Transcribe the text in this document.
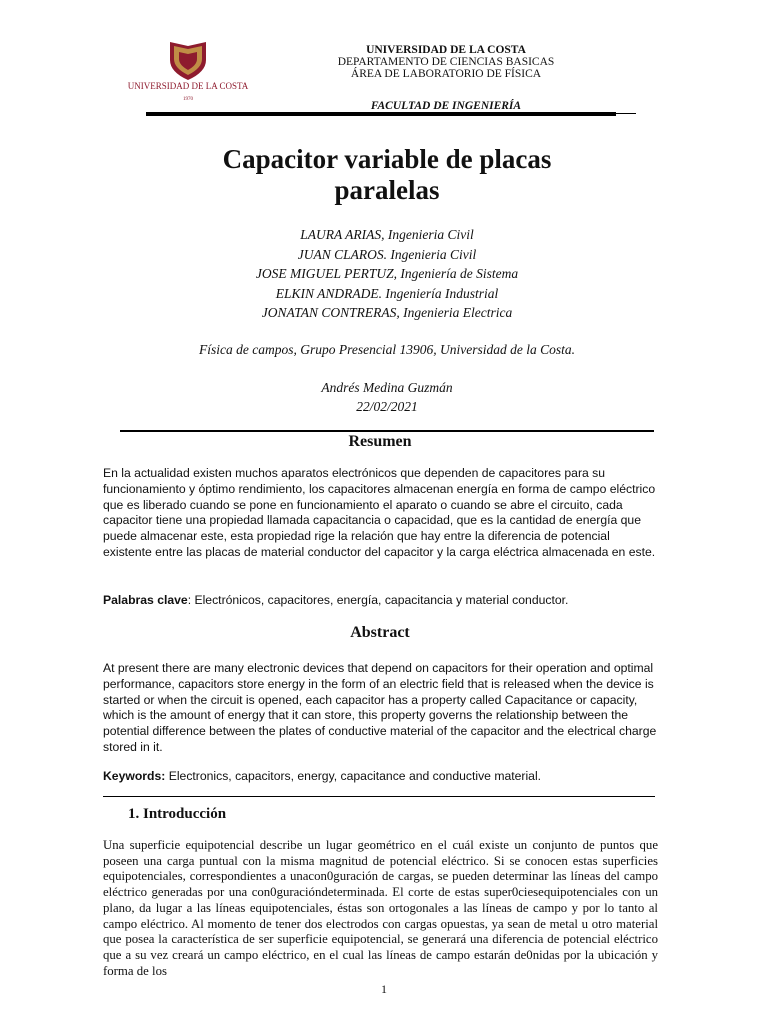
UNIVERSIDAD DE LA COSTA
1970
UNIVERSIDAD DE LA COSTA
DEPARTAMENTO DE CIENCIAS BASICAS
ÁREA DE LABORATORIO DE FÍSICA
FACULTAD DE INGENIERÍA
Capacitor variable de placas
paralelas
LAURA ARIAS, Ingenieria Civil
JUAN CLAROS. Ingenieria Civil
JOSE MIGUEL PERTUZ, Ingeniería de Sistema
ELKIN ANDRADE. Ingeniería Industrial
JONATAN CONTRERAS, Ingenieria Electrica
Física de campos, Grupo Presencial 13906, Universidad de la Costa.
Andrés Medina Guzmán
22/02/2021
Resumen
En la actualidad existen muchos aparatos electrónicos que dependen de capacitores para su funcionamiento y óptimo rendimiento, los capacitores almacenan energía en forma de campo eléctrico que es liberado cuando se pone en funcionamiento el aparato o cuando se abre el circuito, cada capacitor tiene una propiedad llamada capacitancia o capacidad, que es la cantidad de energía que puede almacenar este, esta propiedad rige la relación que hay entre la diferencia de potencial existente entre las placas de material conductor del capacitor y la carga eléctrica almacenada en este.
Palabras clave: Electrónicos, capacitores, energía, capacitancia y material conductor.
Abstract
At present there are many electronic devices that depend on capacitors for their operation and optimal performance, capacitors store energy in the form of an electric field that is released when the device is started or when the circuit is opened, each capacitor has a property called Capacitance or capacity, which is the amount of energy that it can store, this property governs the relationship between the potential difference between the plates of conductive material of the capacitor and the electrical charge stored in it.
Keywords: Electronics, capacitors, energy, capacitance and conductive material.
1. Introducción
Una superficie equipotencial describe un lugar geométrico en el cuál existe un conjunto de puntos que poseen una carga puntual con la misma magnitud de potencial eléctrico. Si se conocen estas superficies equipotenciales, correspondientes a unacon0guración de cargas, se pueden determinar las líneas del campo eléctrico generadas por una con0guracióndeterminada. El corte de estas super0ciesequipotenciales con un plano, da lugar a las líneas equipotenciales, éstas son ortogonales a las líneas de campo y por lo tanto al campo eléctrico. Al momento de tener dos electrodos con cargas opuestas, ya sean de metal u otro material que posea la característica de ser superficie equipotencial, se generará una diferencia de potencial eléctrico que a su vez creará un campo eléctrico, en el cual las líneas de campo estarán de0nidas por la ubicación y forma de los
1
